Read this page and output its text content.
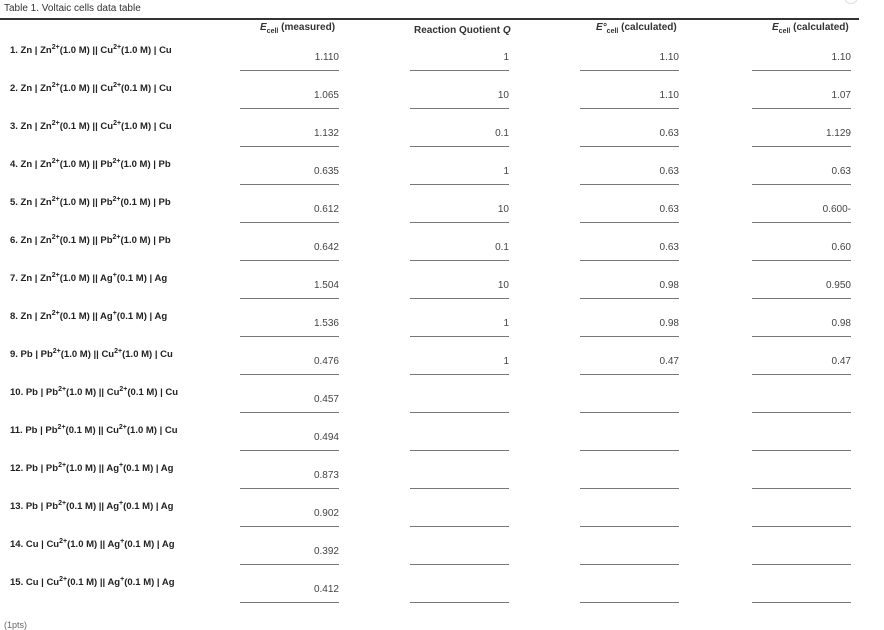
Table 1. Voltaic cells data table
$E_{cell}$ (measured)	Reaction Quotient Q	$E^\circ_{cell}$ (calculated)	$E_{cell}$ (calculated)
1. Zn | $Zn^{2+}(1.0$ M) || $Cu^{2+}(1.0$ M) | Cu
1.110	1	1.10	1.10
2. Zn | $Zn^{2+}(1.0$ M) || $Cu^{2+}(0.1$ M) | Cu
1.065	10	1.10	1.07
3. Zn | $Zn^{2+}(0.1$ M) || $Cu^{2+}(1.0$ M) | Cu
1.132	0.1	0.63	1.129
4. Zn | $Zn^{2+}(1.0$ M) || $Pb^{2+}(1.0$ M) | Pb
0.635	1	0.63	0.63
5. Zn | $Zn^{2+}(1.0$ M) || $Pb^{2+}(0.1$ M) | Pb
0.612	10	0.63	0.600-
6. Zn | $Zn^{2+}(0.1$ M) || $Pb^{2+}(1.0$ M) | Pb
0.642	0.1	0.63	0.60
7. Zn | $Zn^{2+}(1.0$ M) || Ag+(0.1 M) | Ag
1.504	10	0.98	0.950
8. Zn | $Zn^{2+}(0.1$ M) || Ag+(0.1 M) | Ag
1.536	1	0.98	0.98
9. Pb | $Pb^{2+}(1.0$ M) || $Cu^{2+}(1.0$ M) | Cu
0.476	1	0.47	0.47
10. Pb | $Pb^{2+}(1.0$ M) || $Cu^{2+}(0.1$ M) | Cu
0.457
11. Pb | $Pb^{2+}(0.1$ M) || $Cu^{2+}(1.0$ M) | Cu
0.494
12. Pb | $Pb^{2+}(1.0$ M) || Ag+(0.1 M) | Ag
0.873
13. Pb | $Pb^{2+}(0.1$ M) || Ag+(0.1 M) | Ag
0.902
14. Cu | $Cu^{2+}(1.0$ M) || Ag+(0.1 M) | Ag
0.392
15. Cu | $Cu^{2+}(0.1$ M) || Ag+(0.1 M) | Ag
0.412
(1pts)
